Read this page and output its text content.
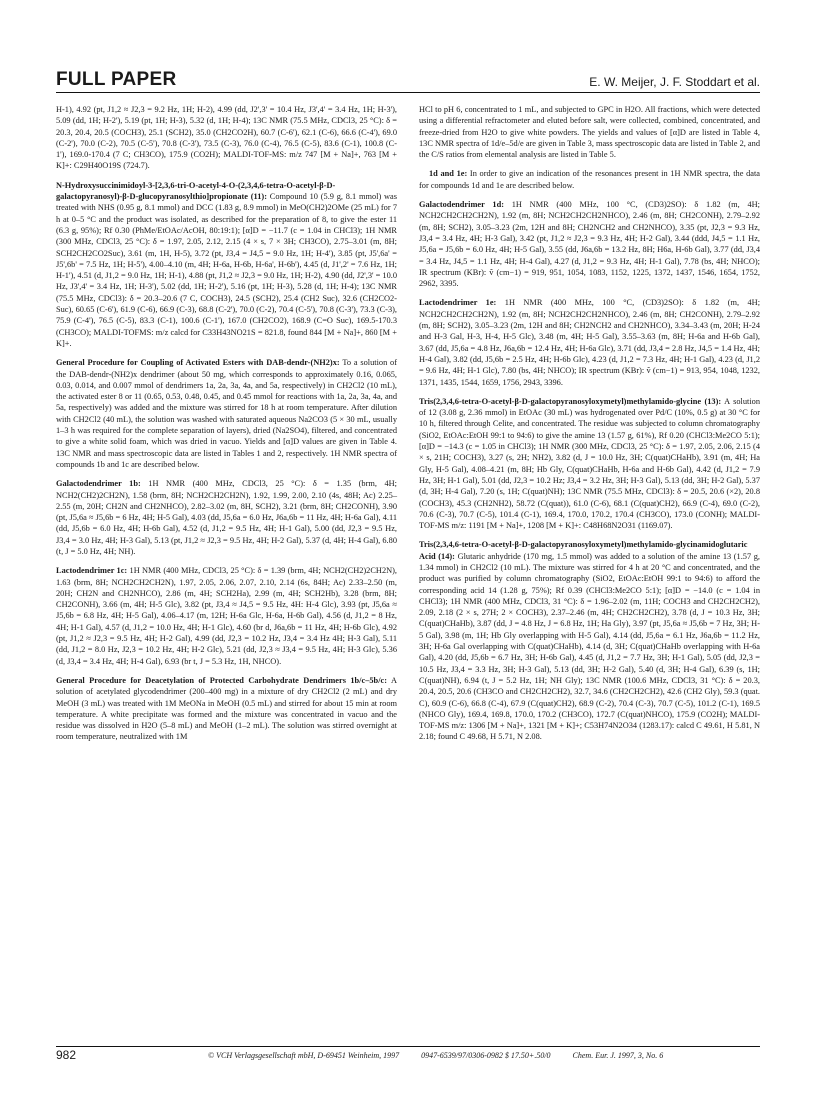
FULL PAPER	E. W. Meijer, J. F. Stoddart et al.

H-1), 4.92 (pt, J1,2 ≈ J2,3 = 9.2 Hz, 1H; H-2), 4.99 (dd, J2',3' = 10.4 Hz, J3',4' = 3.4 Hz, 1H; H-3'), 5.09 (dd, 1H; H-2'), 5.19 (pt, 1H; H-3), 5.32 (d, 1H; H-4); 13C NMR (75.5 MHz, CDCl3, 25 °C): δ = 20.3, 20.4, 20.5 (COCH3), 25.1 (SCH2), 35.0 (CH2CO2H), 60.7 (C-6'), 62.1 (C-6), 66.6 (C-4'), 69.0 (C-2'), 70.0 (C-2), 70.5 (C-5'), 70.8 (C-3'), 73.5 (C-3), 76.0 (C-4), 76.5 (C-5), 83.6 (C-1), 100.8 (C-1'), 169.0-170.4 (7 C; CH3CO), 175.9 (CO2H); MALDI-TOF-MS: m/z 747 [M + Na]+, 763 [M + K]+: C29H40O19S (724.7).

N-Hydroxysuccinimidoyl-3-[2,3,6-tri-O-acetyl-4-O-(2,3,4,6-tetra-O-acetyl-β-D-galactopyranosyl)-β-D-glucopyranosylthio]propionate (11): Compound 10 (5.9 g, 8.1 mmol) was treated with NHS (0.95 g, 8.1 mmol) and DCC (1.83 g, 8.9 mmol) in MeO(CH2)2OMe (25 mL) for 7 h at 0–5 °C and the product was isolated, as described for the preparation of 8, to give the ester 11 (6.3 g, 95%); Rf 0.30 (PhMe/EtOAc/AcOH, 80:19:1); [α]D = −11.7 (c = 1.04 in CHCl3); 1H NMR (300 MHz, CDCl3, 25 °C): δ = 1.97, 2.05, 2.12, 2.15 (4 × s, 7 × 3H; CH3CO), 2.75–3.01 (m, 8H; SCH2CH2CO2Suc), 3.61 (m, 1H, H-5), 3.72 (pt, J3,4 = J4,5 = 9.0 Hz, 1H; H-4'), 3.85 (pt, J5',6a' = J5',6b' = 7.5 Hz, 1H; H-5'), 4.00–4.10 (m, 4H; H-6a, H-6b, H-6a', H-6b'), 4.45 (d, J1',2' = 7.6 Hz, 1H; H-1'), 4.51 (d, J1,2 = 9.0 Hz, 1H; H-1), 4.88 (pt, J1,2 ≈ J2,3 = 9.0 Hz, 1H; H-2), 4.90 (dd, J2',3' = 10.0 Hz, J3',4' = 3.4 Hz, 1H; H-3'), 5.02 (dd, 1H; H-2'), 5.16 (pt, 1H; H-3), 5.28 (d, 1H; H-4); 13C NMR (75.5 MHz, CDCl3): δ = 20.3–20.6 (7 C, COCH3), 24.5 (SCH2), 25.4 (CH2 Suc), 32.6 (CH2CO2-Suc), 60.65 (C-6'), 61.9 (C-6), 66.9 (C-3), 68.8 (C-2'), 70.0 (C-2), 70.4 (C-5'), 70.8 (C-3'), 73.3 (C-3), 75.9 (C-4'), 76.5 (C-5), 83.3 (C-1), 100.6 (C-1'), 167.0 (CH2CO2), 168.9 (C=O Suc), 169.5-170.3 (CH3CO); MALDI-TOFMS: m/z calcd for C33H43NO21S = 821.8, found 844 [M + Na]+, 860 [M + K]+.

General Procedure for Coupling of Activated Esters with DAB-dendr-(NH2)x: To a solution of the DAB-dendr-(NH2)x dendrimer (about 50 mg, which corresponds to approximately 0.16, 0.065, 0.03, 0.014, and 0.007 mmol of dendrimers 1a, 2a, 3a, 4a, and 5a, respectively) in CH2Cl2 (10 mL), the activated ester 8 or 11 (0.65, 0.53, 0.48, 0.45, and 0.45 mmol for reactions with 1a, 2a, 3a, 4a, and 5a, respectively) was added and the mixture was stirred for 18 h at room temperature. After dilution with CH2Cl2 (40 mL), the solution was washed with saturated aqueous Na2CO3 (5 × 30 mL, usually 1–3 h was required for the complete separation of layers), dried (Na2SO4), filtered, and concentrated to give a white solid foam, which was dried in vacuo. Yields and [α]D values are given in Table 4. 13C NMR and mass spectroscopic data are listed in Tables 1 and 2, respectively. 1H NMR spectra of compounds 1b and 1c are described below.

Galactodendrimer 1b: 1H NMR (400 MHz, CDCl3, 25 °C): δ = 1.35 (brm, 4H; NCH2(CH2)2CH2N), 1.58 (brm, 8H; NCH2CH2CH2N), 1.92, 1.99, 2.00, 2.10 (4s, 48H; Ac) 2.25–2.55 (m, 20H; CH2N and CH2NHCO), 2.82–3.02 (m, 8H, SCH2), 3.21 (brm, 8H; CH2CONH), 3.90 (pt, J5,6a ≈ J5,6b = 6 Hz, 4H; H-5 Gal), 4.03 (dd, J5,6a = 6.0 Hz, J6a,6b = 11 Hz, 4H; H-6a Gal), 4.11 (dd, J5,6b = 6.0 Hz, 4H; H-6b Gal), 4.52 (d, J1,2 = 9.5 Hz, 4H; H-1 Gal), 5.00 (dd, J2,3 = 9.5 Hz, J3,4 = 3.0 Hz, 4H; H-3 Gal), 5.13 (pt, J1,2 ≈ J2,3 = 9.5 Hz, 4H; H-2 Gal), 5.37 (d, 4H; H-4 Gal), 6.80 (t, J = 5.0 Hz, 4H; NH).

Lactodendrimer 1c: 1H NMR (400 MHz, CDCl3, 25 °C): δ = 1.39 (brm, 4H; NCH2(CH2)2CH2N), 1.63 (brm, 8H; NCH2CH2CH2N), 1.97, 2.05, 2.06, 2.07, 2.10, 2.14 (6s, 84H; Ac) 2.33–2.50 (m, 20H; CH2N and CH2NHCO), 2.86 (m, 4H; SCH2Ha), 2.99 (m, 4H; SCH2Hb), 3.28 (brm, 8H; CH2CONH), 3.66 (m, 4H; H-5 Glc), 3.82 (pt, J3,4 ≈ J4,5 = 9.5 Hz, 4H: H-4 Glc), 3.93 (pt, J5,6a ≈ J5,6b = 6.8 Hz, 4H; H-5 Gal), 4.06–4.17 (m, 12H; H-6a Glc, H-6a, H-6b Gal), 4.56 (d, J1,2 = 8 Hz, 4H; H-1 Gal), 4.57 (d, J1,2 = 10.0 Hz, 4H; H-1 Glc), 4.60 (br d, J6a,6b = 11 Hz, 4H; H-6b Glc), 4.92 (pt, J1,2 ≈ J2,3 = 9.5 Hz, 4H; H-2 Gal), 4.99 (dd, J2,3 = 10.2 Hz, J3,4 = 3.4 Hz 4H; H-3 Gal), 5.11 (dd, J1,2 = 8.0 Hz, J2,3 = 10.2 Hz, 4H; H-2 Glc), 5.21 (dd, J2,3 ≈ J3,4 = 9.5 Hz, 4H; H-3 Glc), 5.36 (d, J3,4 = 3.4 Hz, 4H; H-4 Gal), 6.93 (br t, J = 5.3 Hz, 1H, NHCO).

General Procedure for Deacetylation of Protected Carbohydrate Dendrimers 1b/c–5b/c: A solution of acetylated glycodendrimer (200–400 mg) in a mixture of dry CH2Cl2 (2 mL) and dry MeOH (3 mL) was treated with 1M MeONa in MeOH (0.5 mL) and stirred for about 15 min at room temperature. A white precipitate was formed and the mixture was concentrated in vacuo and the residue was dissolved in H2O (5–8 mL) and MeOH (1–2 mL). The solution was stirred overnight at room temperature, neutralized with 1M

HCl to pH 6, concentrated to 1 mL, and subjected to GPC in H2O. All fractions, which were detected using a differential refractometer and eluted before salt, were collected, combined, concentrated, and freeze-dried from H2O to give white powders. The yields and values of [α]D are listed in Table 4, 13C NMR spectra of 1d/e–5d/e are given in Table 3, mass spectroscopic data are listed in Table 2, and the C/S ratios from elemental analysis are listed in Table 5.

1d and 1e: In order to give an indication of the resonances present in 1H NMR spectra, the data for compounds 1d and 1e are described below.

Galactodendrimer 1d: 1H NMR (400 MHz, 100 °C, (CD3)2SO): δ 1.82 (m, 4H; NCH2CH2CH2CH2N), 1.92 (m, 8H; NCH2CH2CH2NHCO), 2.46 (m, 8H; CH2CONH), 2.79–2.92 (m, 8H; SCH2), 3.05–3.23 (2m, 12H and 8H; CH2NCH2 and CH2NHCO), 3.35 (pt, J2,3 = 9.3 Hz, J3,4 = 3.4 Hz, 4H; H-3 Gal), 3.42 (pt, J1,2 ≈ J2,3 = 9.3 Hz, 4H; H-2 Gal), 3.44 (ddd, J4,5 = 1.1 Hz, J5,6a = J5,6b = 6.0 Hz, 4H; H-5 Gal), 3.55 (dd, J6a,6b = 13.2 Hz, 8H; H6a, H-6b Gal), 3.77 (dd, J3,4 = 3.4 Hz, J4,5 = 1.1 Hz, 4H; H-4 Gal), 4.27 (d, J1,2 = 9.3 Hz, 4H; H-1 Gal), 7.78 (bs, 4H; NHCO); IR spectrum (KBr): ṽ (cm−1) = 919, 951, 1054, 1083, 1152, 1225, 1372, 1437, 1546, 1654, 1752, 2962, 3395.

Lactodendrimer 1e: 1H NMR (400 MHz, 100 °C, (CD3)2SO): δ 1.82 (m, 4H; NCH2CH2CH2CH2N), 1.92 (m, 8H; NCH2CH2CH2NHCO), 2.46 (m, 8H; CH2CONH), 2.79–2.92 (m, 8H; SCH2), 3.05–3.23 (2m, 12H and 8H; CH2NCH2 and CH2NHCO), 3.34–3.43 (m, 20H; H-24 and H-3 Gal, H-3, H-4, H-5 Glc), 3.48 (m, 4H; H-5 Gal), 3.55–3.63 (m, 8H; H-6a and H-6b Gal), 3.67 (dd, J5,6a = 4.8 Hz, J6a,6b = 12.4 Hz, 4H; H-6a Glc), 3.71 (dd, J3,4 = 2.8 Hz, J4,5 = 1.4 Hz, 4H; H-4 Gal), 3.82 (dd, J5,6b = 2.5 Hz, 4H; H-6b Glc), 4.23 (d, J1,2 = 7.3 Hz, 4H; H-1 Gal), 4.23 (d, J1,2 = 9.6 Hz, 4H; H-1 Glc), 7.80 (bs, 4H; NHCO); IR spectrum (KBr): ṽ (cm−1) = 913, 954, 1048, 1232, 1371, 1435, 1544, 1659, 1756, 2943, 3396.

Tris(2,3,4,6-tetra-O-acetyl-β-D-galactopyranosyloxymetyl)methylamido-glycine (13): A solution of 12 (3.08 g, 2.36 mmol) in EtOAc (30 mL) was hydrogenated over Pd/C (10%, 0.5 g) at 30 °C for 10 h, filtered through Celite, and concentrated. The residue was subjected to column chromatography (SiO2, EtOAc:EtOH 99:1 to 94:6) to give the amine 13 (1.57 g, 61%), Rf 0.20 (CHCl3:Me2CO 5:1); [α]D = −14.3 (c = 1.05 in CHCl3); 1H NMR (300 MHz, CDCl3, 25 °C): δ = 1.97, 2.05, 2.06, 2.15 (4 × s, 21H; COCH3), 3.27 (s, 2H; NH2), 3.82 (d, J = 10.0 Hz, 3H; C(quat)CHaHb), 3.91 (m, 4H; Ha Gly, H-5 Gal), 4.08–4.21 (m, 8H; Hb Gly, C(quat)CHaHb, H-6a and H-6b Gal), 4.42 (d, J1,2 = 7.9 Hz, 3H; H-1 Gal), 5.01 (dd, J2,3 = 10.2 Hz; J3,4 = 3.2 Hz, 3H; H-3 Gal), 5.13 (dd, 3H; H-2 Gal), 5.37 (d, 3H; H-4 Gal), 7.20 (s, 1H; C(quat)NH); 13C NMR (75.5 MHz, CDCl3): δ = 20.5, 20.6 (×2), 20.8 (COCH3), 45.3 (CH2NH2), 58.72 (C(quat)), 61.0 (C-6), 68.1 (C(quat)CH2), 66.9 (C-4), 69.0 (C-2), 70.6 (C-3), 70.7 (C-5), 101.4 (C-1), 169.4, 170.0, 170.2, 170.4 (CH3CO), 173.0 (CONH); MALDI-TOF-MS m/z: 1191 [M + Na]+, 1208 [M + K]+: C48H68N2O31 (1169.07).

Tris(2,3,4,6-tetra-O-acetyl-β-D-galactopyranosyloxymetyl)methylamido-glycinamidoglutaric Acid (14): Glutaric anhydride (170 mg, 1.5 mmol) was added to a solution of the amine 13 (1.57 g, 1.34 mmol) in CH2Cl2 (10 mL). The mixture was stirred for 4 h at 20 °C and concentrated, and the product was purified by column chromatography (SiO2, EtOAc:EtOH 99:1 to 94:6) to afford the corresponding acid 14 (1.28 g, 75%); Rf 0.39 (CHCl3:Me2CO 5:1); [α]D = −14.0 (c = 1.04 in CHCl3); 1H NMR (400 MHz, CDCl3, 31 °C): δ = 1.96–2.02 (m, 11H; COCH3 and CH2CH2CH2), 2.09, 2.18 (2 × s, 27H; 2 × COCH3), 2.37–2.46 (m, 4H; CH2CH2CH2), 3.78 (d, J = 10.3 Hz, 3H; C(quat)CHaHb), 3.87 (dd, J = 4.8 Hz, J = 6.8 Hz, 1H; Ha Gly), 3.97 (pt, J5,6a ≈ J5,6b = 7 Hz, 3H; H-5 Gal), 3.98 (m, 1H; Hb Gly overlapping with H-5 Gal), 4.14 (dd, J5,6a = 6.1 Hz, J6a,6b = 11.2 Hz, 3H; H-6a Gal overlapping with C(quat)CHaHb), 4.14 (d, 3H; C(quat)CHaHb overlapping with H-6a Gal), 4.20 (dd, J5,6b = 6.7 Hz, 3H; H-6b Gal), 4.45 (d, J1,2 = 7.7 Hz, 3H; H-1 Gal), 5.05 (dd, J2,3 = 10.5 Hz, J3,4 = 3.3 Hz, 3H; H-3 Gal), 5.13 (dd, 3H; H-2 Gal), 5.40 (d, 3H; H-4 Gal), 6.39 (s, 1H; C(quat)NH), 6.94 (t, J = 5.2 Hz, 1H; NH Gly); 13C NMR (100.6 MHz, CDCl3, 31 °C): δ = 20.3, 20.4, 20.5, 20.6 (CH3CO and CH2CH2CH2), 32.7, 34.6 (CH2CH2CH2), 42.6 (CH2 Gly), 59.3 (quat. C), 60.9 (C-6), 66.8 (C-4), 67.9 (C(quat)CH2), 68.9 (C-2), 70.4 (C-3), 70.7 (C-5), 101.2 (C-1), 169.5 (NHCO Gly), 169.4, 169.8, 170.0, 170.2 (CH3CO), 172.7 (C(quat)NHCO), 175.9 (CO2H); MALDI-TOF-MS m/z: 1306 [M + Na]+, 1321 [M + K]+; C53H74N2O34 (1283.17): calcd C 49.61, H 5.81, N 2.18; found C 49.68, H 5.71, N 2.08.

982	© VCH Verlagsgesellschaft mbH, D-69451 Weinheim, 1997	0947-6539/97/0306-0982 $ 17.50+.50/0	Chem. Eur. J. 1997, 3, No. 6
